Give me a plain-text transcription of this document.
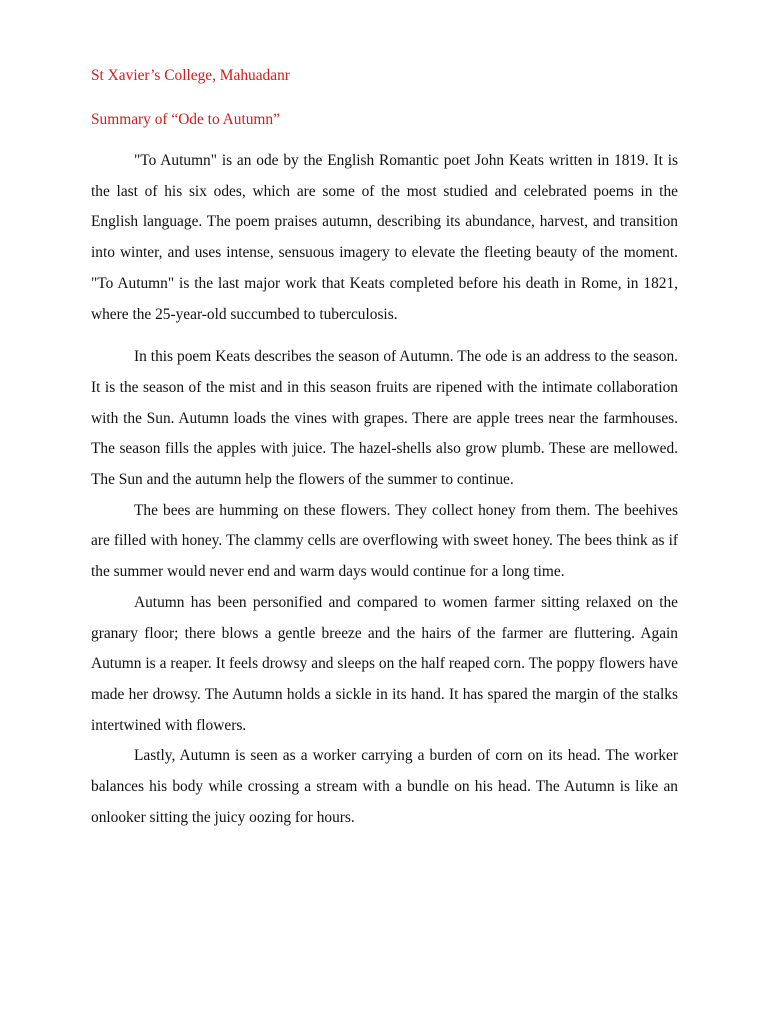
St Xavier’s College, Mahuadanr
Summary of “Ode to Autumn”

"To Autumn" is an ode by the English Romantic poet John Keats written in 1819. It is the last of his six odes, which are some of the most studied and celebrated poems in the English language. The poem praises autumn, describing its abundance, harvest, and transition into winter, and uses intense, sensuous imagery to elevate the fleeting beauty of the moment. "To Autumn" is the last major work that Keats completed before his death in Rome, in 1821, where the 25-year-old succumbed to tuberculosis.

In this poem Keats describes the season of Autumn. The ode is an address to the season. It is the season of the mist and in this season fruits are ripened with the intimate collaboration with the Sun. Autumn loads the vines with grapes. There are apple trees near the farmhouses. The season fills the apples with juice. The hazel-shells also grow plumb. These are mellowed. The Sun and the autumn help the flowers of the summer to continue.

The bees are humming on these flowers. They collect honey from them. The beehives are filled with honey. The clammy cells are overflowing with sweet honey. The bees think as if the summer would never end and warm days would continue for a long time.

Autumn has been personified and compared to women farmer sitting relaxed on the granary floor; there blows a gentle breeze and the hairs of the farmer are fluttering. Again Autumn is a reaper. It feels drowsy and sleeps on the half reaped corn. The poppy flowers have made her drowsy. The Autumn holds a sickle in its hand. It has spared the margin of the stalks intertwined with flowers.

Lastly, Autumn is seen as a worker carrying a burden of corn on its head. The worker balances his body while crossing a stream with a bundle on his head. The Autumn is like an onlooker sitting the juicy oozing for hours.
